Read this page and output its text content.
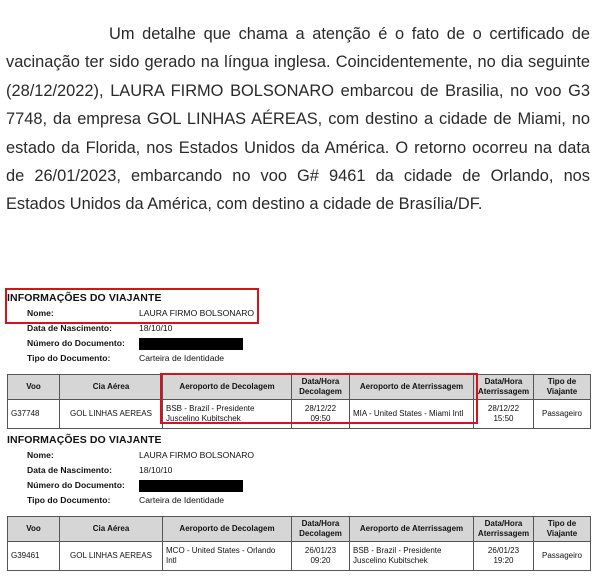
Um detalhe que chama a atenção é o fato de o certificado de vacinação ter sido gerado na língua inglesa. Coincidentemente, no dia seguinte (28/12/2022), LAURA FIRMO BOLSONARO embarcou de Brasilia, no voo G3 7748, da empresa GOL LINHAS AÉREAS, com destino a cidade de Miami, no estado da Florida, nos Estados Unidos da América. O retorno ocorreu na data de 26/01/2023, embarcando no voo G# 9461 da cidade de Orlando, nos Estados Unidos da América, com destino a cidade de Brasília/DF.

INFORMAÇÕES DO VIAJANTE
Nome:	LAURA FIRMO BOLSONARO
Data de Nascimento:	18/10/10
Número do Documento:
Tipo do Documento:	Carteira de Identidade
Voo	Cia Aérea	Aeroporto de Decolagem	Data/Hora Decolagem	Aeroporto de Aterrissagem	Data/Hora Aterrissagem	Tipo de Viajante
G37748	GOL LINHAS AEREAS	BSB - Brazil - Presidente Juscelino Kubitschek	28/12/22 09:50	MIA - United States - Miami Intl	28/12/22 15:50	Passageiro
INFORMAÇÕES DO VIAJANTE
Nome:	LAURA FIRMO BOLSONARO
Data de Nascimento:	18/10/10
Número do Documento:
Tipo do Documento:	Carteira de Identidade
Voo	Cia Aérea	Aeroporto de Decolagem	Data/Hora Decolagem	Aeroporto de Aterrissagem	Data/Hora Aterrissagem	Tipo de Viajante
G39461	GOL LINHAS AEREAS	MCO - United States - Orlando Intl	26/01/23 09:20	BSB - Brazil - Presidente Juscelino Kubitschek	26/01/23 19:20	Passageiro
